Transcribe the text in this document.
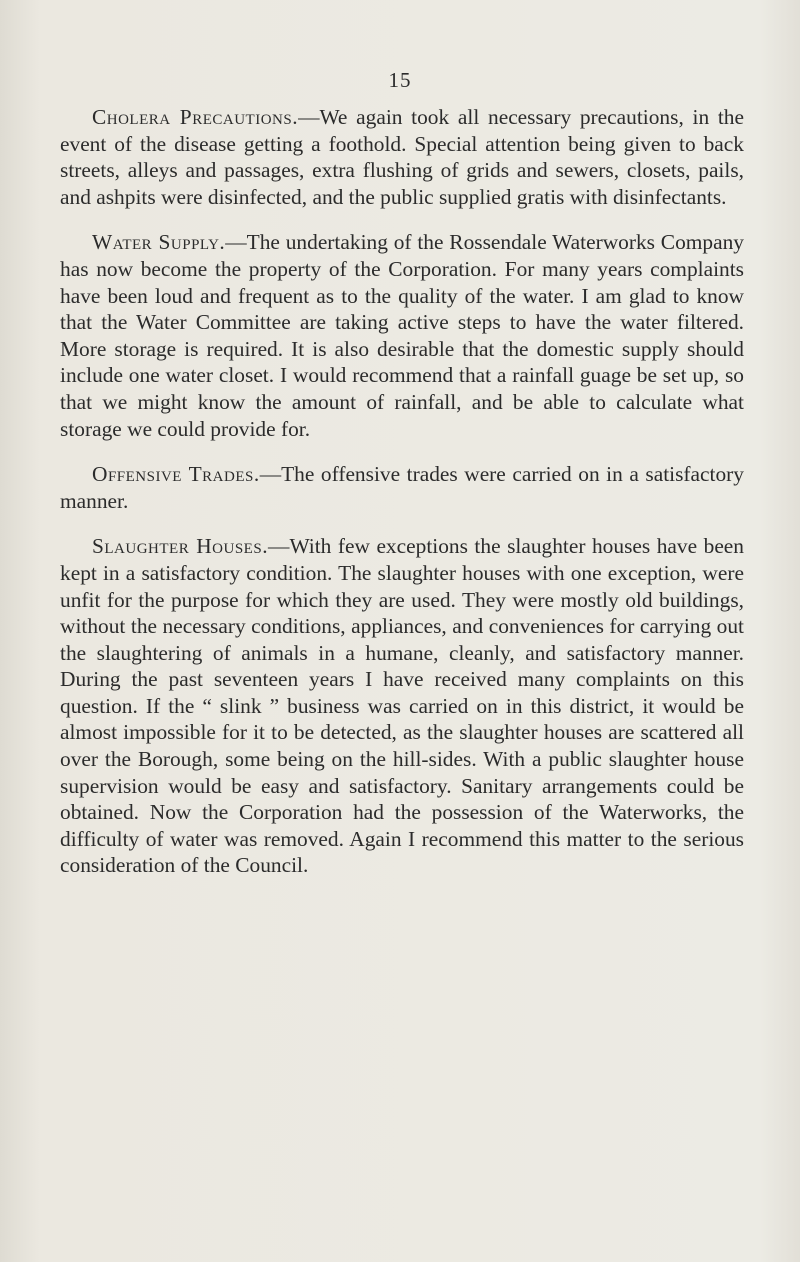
15

Cholera Precautions.—We again took all necessary precautions, in the event of the disease getting a foothold. Special attention being given to back streets, alleys and passages, extra flushing of grids and sewers, closets, pails, and ashpits were disinfected, and the public supplied gratis with disinfectants.

Water Supply.—The undertaking of the Rossendale Waterworks Company has now become the property of the Corporation. For many years complaints have been loud and frequent as to the quality of the water. I am glad to know that the Water Committee are taking active steps to have the water filtered. More storage is required. It is also desirable that the domestic supply should include one water closet. I would recommend that a rainfall guage be set up, so that we might know the amount of rainfall, and be able to calculate what storage we could provide for.

Offensive Trades.—The offensive trades were carried on in a satisfactory manner.

Slaughter Houses.—With few exceptions the slaughter houses have been kept in a satisfactory condition. The slaughter houses with one exception, were unfit for the purpose for which they are used. They were mostly old buildings, without the necessary conditions, appliances, and conveniences for carrying out the slaughtering of animals in a humane, cleanly, and satisfactory manner. During the past seventeen years I have received many complaints on this question. If the “ slink ” business was carried on in this district, it would be almost impossible for it to be detected, as the slaughter houses are scattered all over the Borough, some being on the hill-sides. With a public slaughter house supervision would be easy and satisfactory. Sanitary arrangements could be obtained. Now the Corporation had the possession of the Waterworks, the difficulty of water was removed. Again I recommend this matter to the serious consideration of the Council.
